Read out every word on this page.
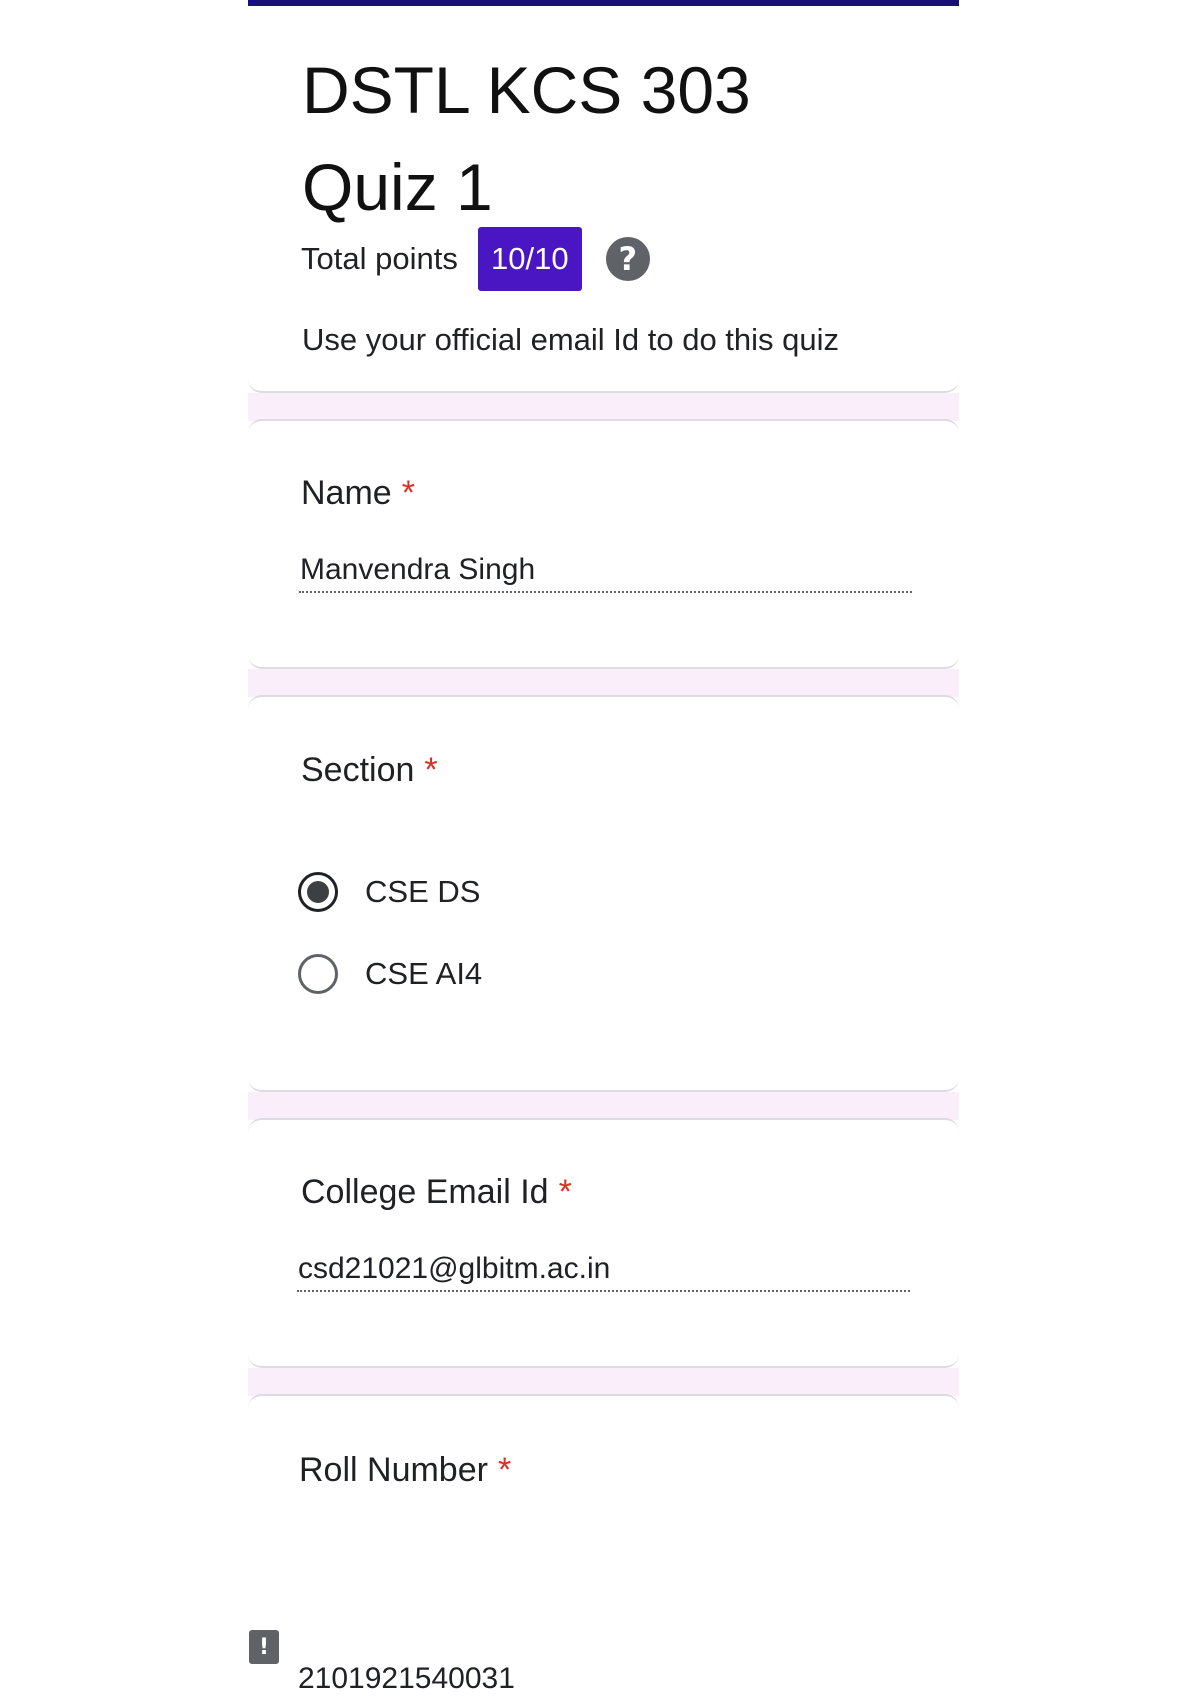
DSTL KCS 303 Quiz 1
Total points	10/10	?
Use your official email Id to do this quiz
Name *
Manvendra Singh
Section *
CSE DS
CSE AI4
College Email Id *
csd21021@glbitm.ac.in
Roll Number *
2101921540031
!
